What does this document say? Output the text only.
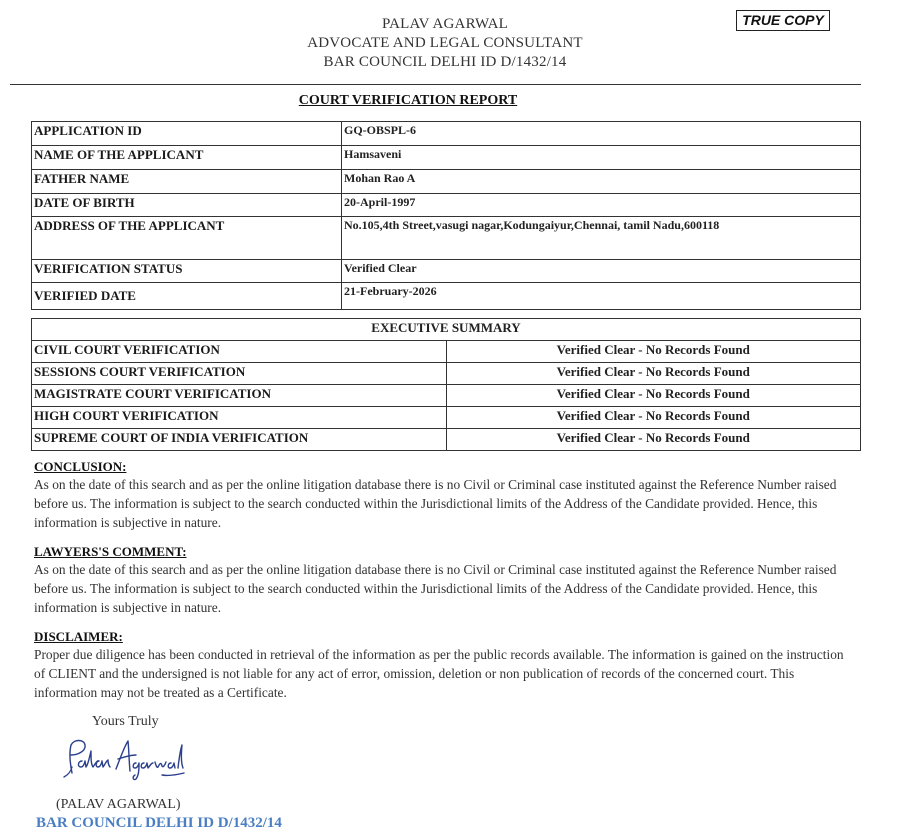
PALAV AGARWAL
ADVOCATE AND LEGAL CONSULTANT
BAR COUNCIL DELHI ID D/1432/14
TRUE COPY
COURT VERIFICATION REPORT
APPLICATION ID	GQ-OBSPL-6
NAME OF THE APPLICANT	Hamsaveni
FATHER NAME	Mohan Rao A
DATE OF BIRTH	20-April-1997
ADDRESS OF THE APPLICANT	No.105,4th Street,vasugi nagar,Kodungaiyur,Chennai, tamil Nadu,600118
VERIFICATION STATUS	Verified Clear
VERIFIED DATE	21-February-2026
EXECUTIVE SUMMARY	
CIVIL COURT VERIFICATION	Verified Clear - No Records Found
SESSIONS COURT VERIFICATION	Verified Clear - No Records Found
MAGISTRATE COURT VERIFICATION	Verified Clear - No Records Found
HIGH COURT VERIFICATION	Verified Clear - No Records Found
SUPREME COURT OF INDIA VERIFICATION	Verified Clear - No Records Found
CONCLUSION:
As on the date of this search and as per the online litigation database there is no Civil or Criminal case instituted against the Reference Number raised before us. The information is subject to the search conducted within the Jurisdictional limits of the Address of the Candidate provided. Hence, this information is subjective in nature.
LAWYERS'S COMMENT:
As on the date of this search and as per the online litigation database there is no Civil or Criminal case instituted against the Reference Number raised before us. The information is subject to the search conducted within the Jurisdictional limits of the Address of the Candidate provided. Hence, this information is subjective in nature.
DISCLAIMER:
Proper due diligence has been conducted in retrieval of the information as per the public records available. The information is gained on the instruction of CLIENT and the undersigned is not liable for any act of error, omission, deletion or non publication of records of the concerned court. This information may not be treated as a Certificate.
Yours Truly
(PALAV AGARWAL)
BAR COUNCIL DELHI ID D/1432/14
